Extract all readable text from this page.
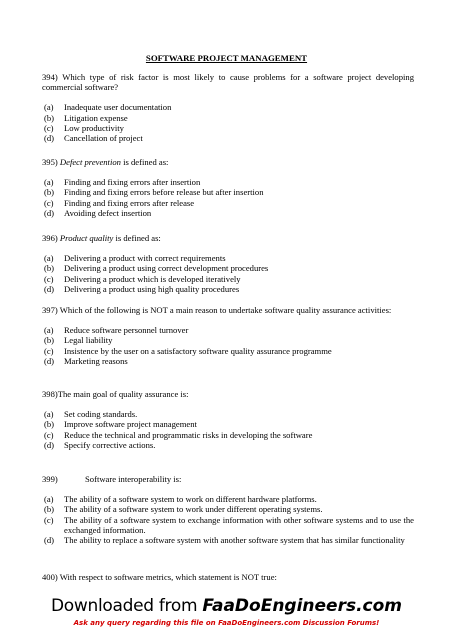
SOFTWARE PROJECT MANAGEMENT
394) Which type of risk factor is most likely to cause problems for a software project developing commercial software?
(a)	Inadequate user documentation
(b)	Litigation expense
(c)	Low productivity
(d)	Cancellation of project
395) Defect prevention is defined as:
(a)	Finding and fixing errors after insertion
(b)	Finding and fixing errors before release but after insertion
(c)	Finding and fixing errors after release
(d)	Avoiding defect insertion
396) Product quality is defined as:
(a)	Delivering a product with correct requirements
(b)	Delivering a product using correct development procedures
(c)	Delivering a product which is developed iteratively
(d)	Delivering a product using high quality procedures
397) Which of the following is NOT a main reason to undertake software quality assurance activities:
(a)	Reduce software personnel turnover
(b)	Legal liability
(c)	Insistence by the user on a satisfactory software quality assurance programme
(d)	Marketing reasons
398)The main goal of quality assurance is:
(a)	Set coding standards.
(b)	Improve software project management
(c)	Reduce the technical and programmatic risks in developing the software
(d)	Specify corrective actions.
399)	Software interoperability is:
(a)	The ability of a software system to work on different hardware platforms.
(b)	The ability of a software system to work under different operating systems.
(c)	The ability of a software system to exchange information with other software systems and to use the exchanged information.
(d)	The ability to replace a software system with another software system that has similar functionality
400) With respect to software metrics, which statement is NOT true:
Downloaded from FaaDoEngineers.com
Ask any query regarding this file on FaaDoEngineers.com Discussion Forums!
